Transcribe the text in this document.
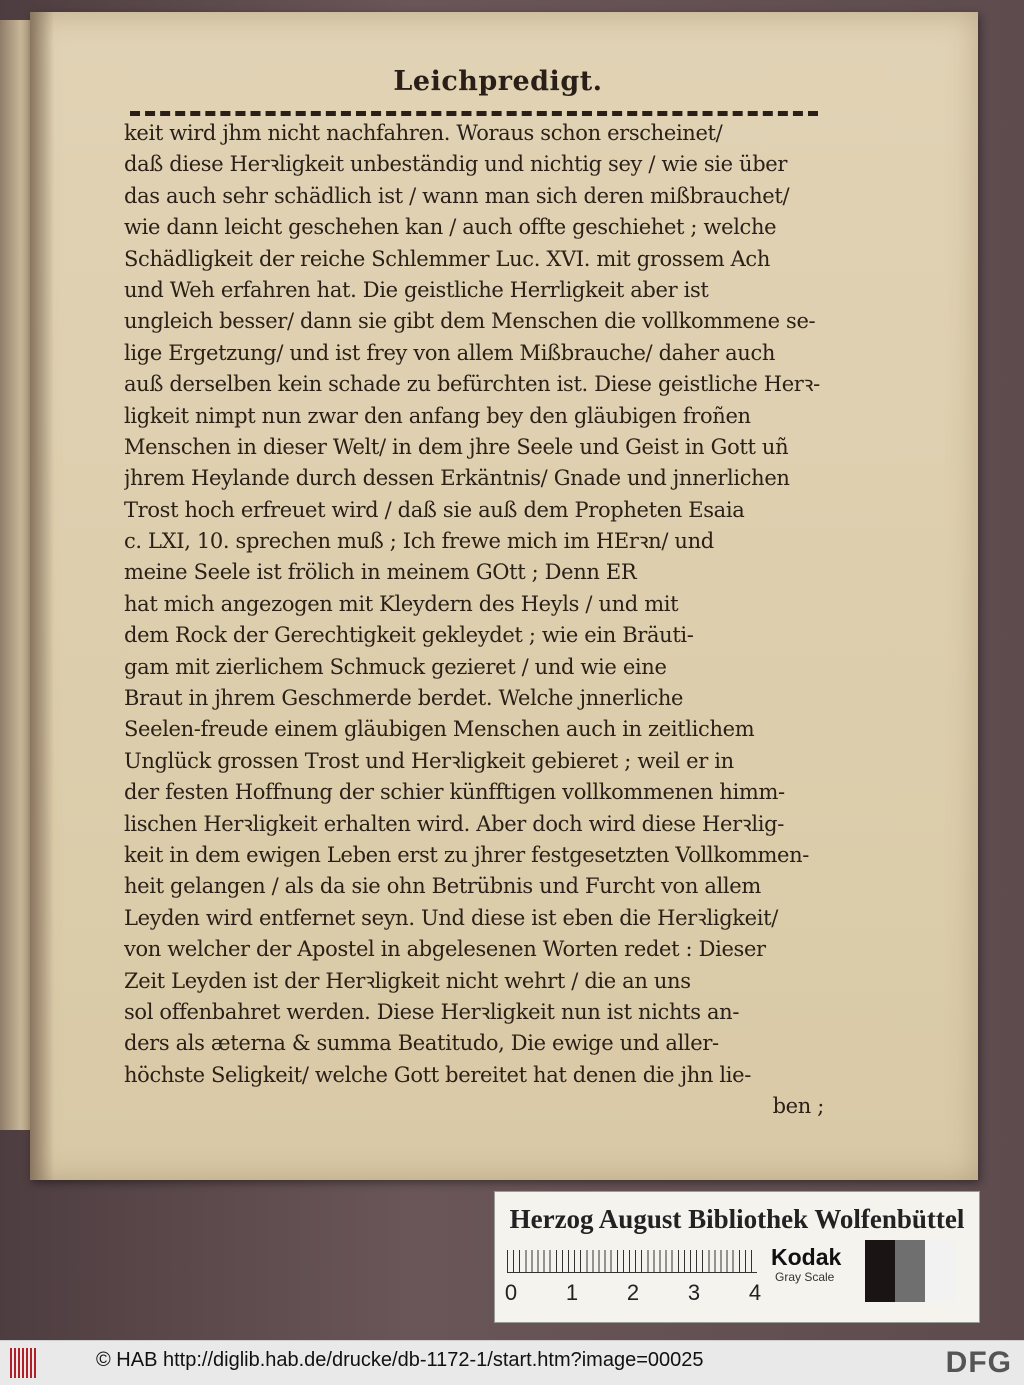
Leichpredigt.
keit wird jhm nicht nachfahren. Woraus schon erscheinet/
daß diese Herꝛligkeit unbeständig und nichtig sey / wie sie über
das auch sehr schädlich ist / wann man sich deren mißbrauchet/
wie dann leicht geschehen kan / auch offte geschiehet ; welche
Schädligkeit der reiche Schlemmer Luc. XVI. mit grossem Ach
und Weh erfahren hat. Die geistliche Herrligkeit aber ist
ungleich besser/ dann sie gibt dem Menschen die vollkommene se-
lige Ergetzung/ und ist frey von allem Mißbrauche/ daher auch
auß derselben kein schade zu befürchten ist. Diese geistliche Herꝛ-
ligkeit nimpt nun zwar den anfang bey den gläubigen froñen
Menschen in dieser Welt/ in dem jhre Seele und Geist in Gott uñ
jhrem Heylande durch dessen Erkäntnis/ Gnade und jnnerlichen
Trost hoch erfreuet wird / daß sie auß dem Propheten Esaia
c. LXI, 10. sprechen muß ; Ich frewe mich im HErꝛn/ und
meine Seele ist frölich in meinem GOtt ; Denn ER
hat mich angezogen mit Kleydern des Heyls / und mit
dem Rock der Gerechtigkeit gekleydet ; wie ein Bräuti-
gam mit zierlichem Schmuck gezieret / und wie eine
Braut in jhrem Geschmerde berdet. Welche jnnerliche
Seelen-freude einem gläubigen Menschen auch in zeitlichem
Unglück grossen Trost und Herꝛligkeit gebieret ; weil er in
der festen Hoffnung der schier künfftigen vollkommenen himm-
lischen Herꝛligkeit erhalten wird. Aber doch wird diese Herꝛlig-
keit in dem ewigen Leben erst zu jhrer festgesetzten Vollkommen-
heit gelangen / als da sie ohn Betrübnis und Furcht von allem
Leyden wird entfernet seyn. Und diese ist eben die Herꝛligkeit/
von welcher der Apostel in abgelesenen Worten redet : Dieser
Zeit Leyden ist der Herꝛligkeit nicht wehrt / die an uns
sol offenbahret werden. Diese Herꝛligkeit nun ist nichts an-
ders als æterna & summa Beatitudo, Die ewige und aller-
höchste Seligkeit/ welche Gott bereitet hat denen die jhn lie-
ben ;
Herzog August Bibliothek Wolfenbüttel
0 1 2 3 4
Kodak
Gray Scale
© HAB http://diglib.hab.de/drucke/db-1172-1/start.htm?image=00025	DFG
